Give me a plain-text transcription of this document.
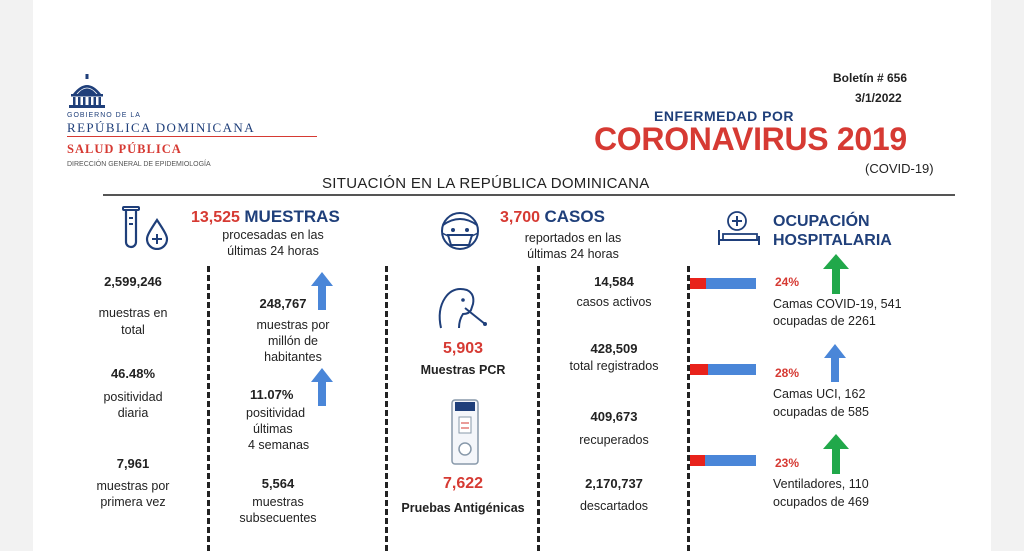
GOBIERNO DE LA
REPÚBLICA DOMINICANA
SALUD PÚBLICA
DIRECCIÓN GENERAL DE EPIDEMIOLOGÍA
Boletín # 656
3/1/2022
ENFERMEDAD POR
CORONAVIRUS 2019
(COVID-19)
SITUACIÓN EN LA REPÚBLICA DOMINICANA
13,525 MUESTRAS
procesadas en las
últimas 24 horas
2,599,246
muestras en
total
46.48%
positividad
diaria
7,961
muestras por
primera vez
248,767
muestras por
millón de
habitantes
11.07%
positividad
últimas
4 semanas
5,564
muestras
subsecuentes
5,903
Muestras PCR
7,622
Pruebas Antigénicas
3,700 CASOS
reportados en las
últimas 24 horas
14,584
casos activos
428,509
total registrados
409,673
recuperados
2,170,737
descartados
OCUPACIÓN
HOSPITALARIA
24%
Camas COVID-19, 541
ocupadas de 2261
28%
Camas UCI, 162
ocupadas de 585
23%
Ventiladores, 110
ocupados de 469
